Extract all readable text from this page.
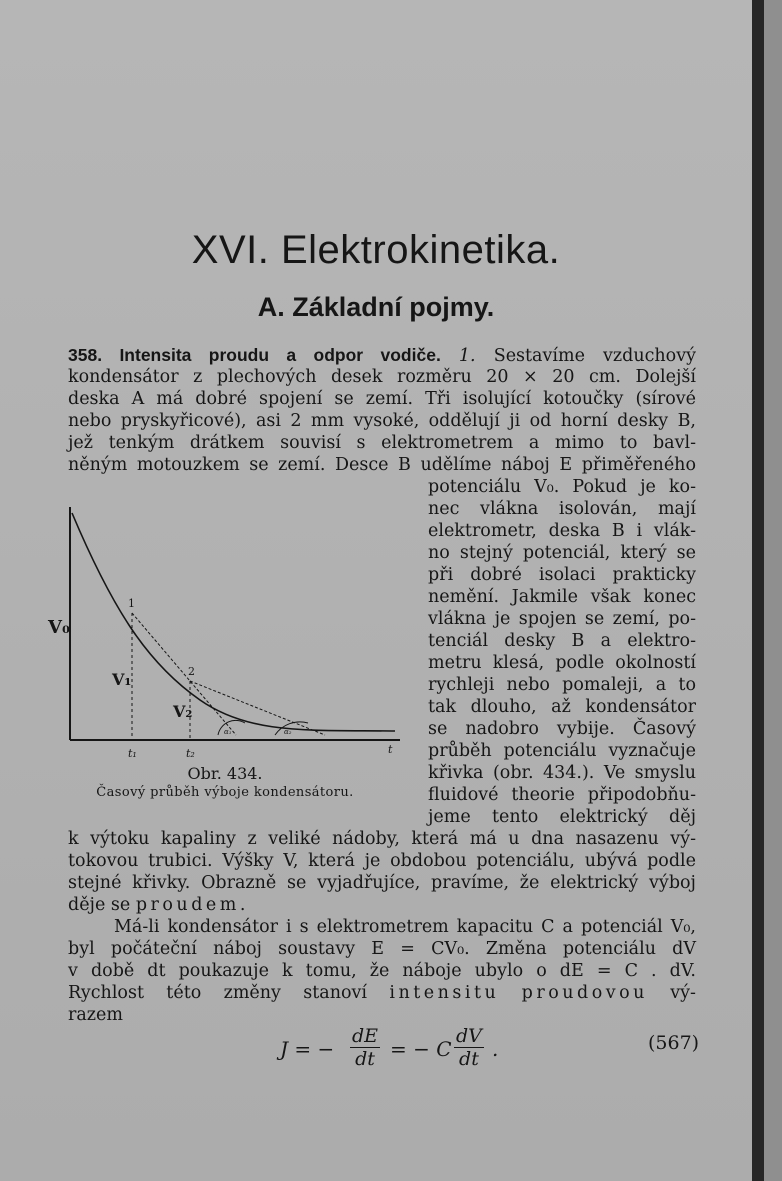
XVI. Elektrokinetika.
A. Základní pojmy.
358. Intensita proudu a odpor vodiče. 1. Sestavíme vzduchový
kondensátor z plechových desek rozměru 20 × 20 cm. Dolejší
deska A má dobré spojení se zemí. Tři isolující kotoučky (sírové
nebo pryskyřicové), asi 2 mm vysoké, oddělují ji od horní desky B,
jež tenkým drátkem souvisí s elektrometrem a mimo to bavl-
něným motouzkem se zemí. Desce B udělíme náboj E přiměřeného
potenciálu V₀. Pokud je ko-
nec vlákna isolován, mají
elektrometr, deska B i vlák-
no stejný potenciál, který se
při dobré isolaci prakticky
nemění. Jakmile však konec
vlákna je spojen se zemí, po-
tenciál desky B a elektro-
metru klesá, podle okolností
rychleji nebo pomaleji, a to
tak dlouho, až kondensátor
se nadobro vybije. Časový
průběh potenciálu vyznačuje
křivka (obr. 434.). Ve smyslu
fluidové theorie připodobňu-
jeme tento elektrický děj
V₀
V₁
V₂
1
2
t₁	t₂	t
α₁	α₂
Obr. 434.
Časový průběh výboje kondensátoru.
k výtoku kapaliny z veliké nádoby, která má u dna nasazenu vý-
tokovou trubici. Výšky V, která je obdobou potenciálu, ubývá podle
stejné křivky. Obrazně se vyjadřujíce, pravíme, že elektrický výboj
děje se proudem.
Má-li kondensátor i s elektrometrem kapacitu C a potenciál V₀,
byl počáteční náboj soustavy E = CV₀. Změna potenciálu dV
v době dt poukazuje k tomu, že náboje ubylo o dE = C . dV.
Rychlost této změny stanoví intensitu proudovou vý-
razem
J = − $\frac{dE}{dt}$ = − C $\frac{dV}{dt}$ .	(567)
